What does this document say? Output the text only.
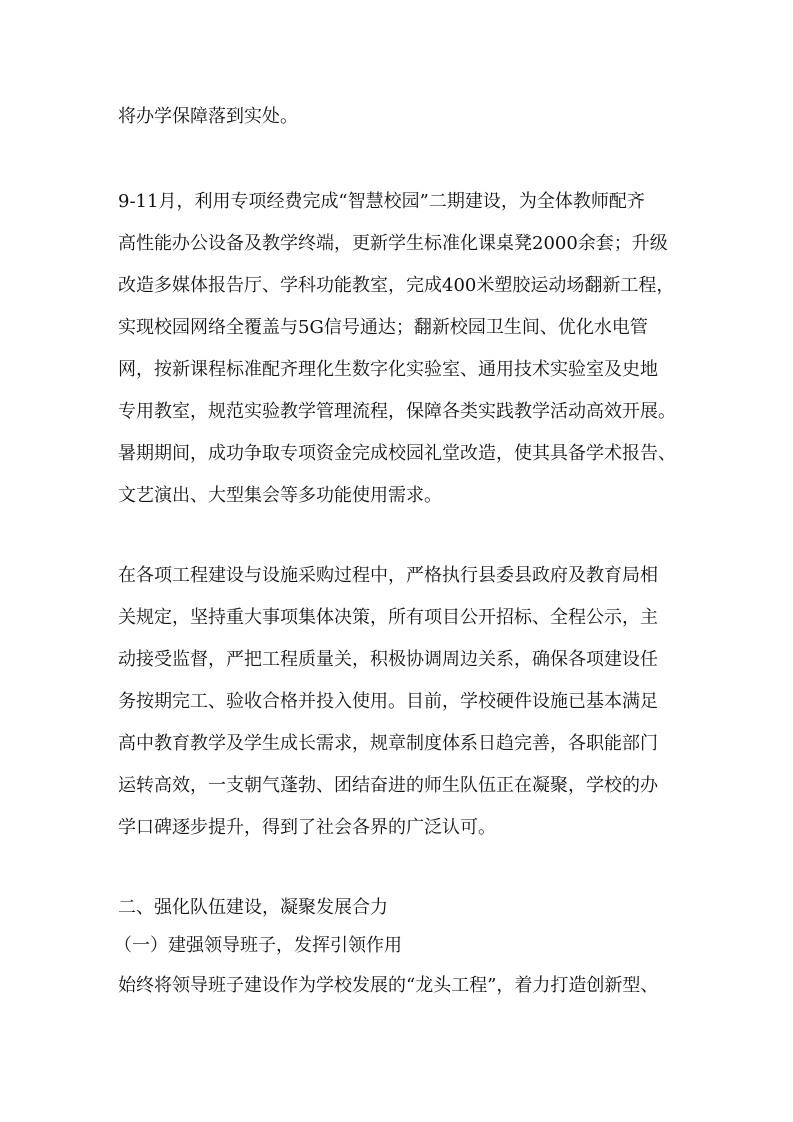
将办学保障落到实处。
9-11月，利用专项经费完成“智慧校园”二期建设，为全体教师配齐
高性能办公设备及教学终端，更新学生标准化课桌凳2000余套；升级
改造多媒体报告厅、学科功能教室，完成400米塑胶运动场翻新工程，
实现校园网络全覆盖与5G信号通达；翻新校园卫生间、优化水电管
网，按新课程标准配齐理化生数字化实验室、通用技术实验室及史地
专用教室，规范实验教学管理流程，保障各类实践教学活动高效开展。
暑期期间，成功争取专项资金完成校园礼堂改造，使其具备学术报告、
文艺演出、大型集会等多功能使用需求。
在各项工程建设与设施采购过程中，严格执行县委县政府及教育局相
关规定，坚持重大事项集体决策，所有项目公开招标、全程公示，主
动接受监督，严把工程质量关，积极协调周边关系，确保各项建设任
务按期完工、验收合格并投入使用。目前，学校硬件设施已基本满足
高中教育教学及学生成长需求，规章制度体系日趋完善，各职能部门
运转高效，一支朝气蓬勃、团结奋进的师生队伍正在凝聚，学校的办
学口碑逐步提升，得到了社会各界的广泛认可。
二、强化队伍建设，凝聚发展合力
（一）建强领导班子，发挥引领作用
始终将领导班子建设作为学校发展的“龙头工程”，着力打造创新型、
